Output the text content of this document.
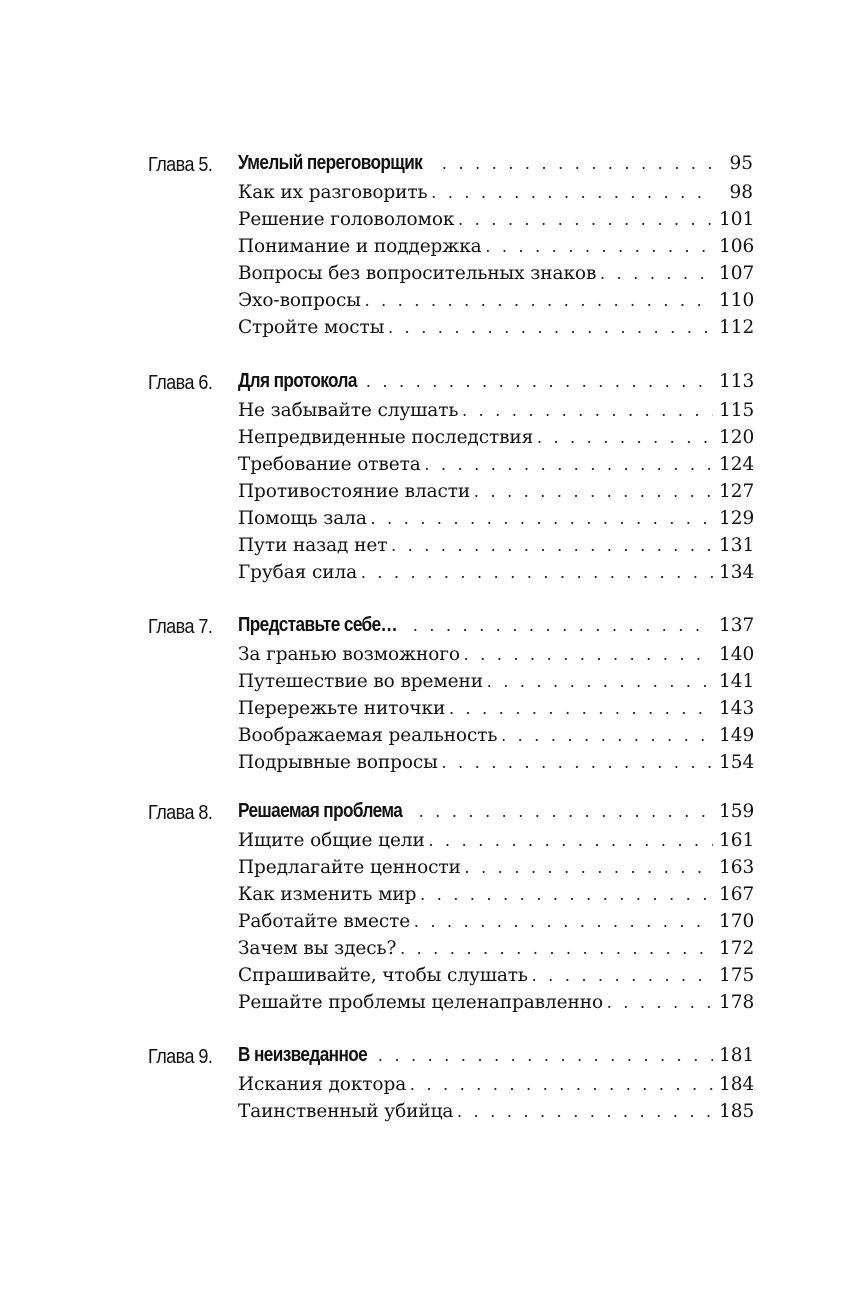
Глава 5. Умелый переговорщик . . .	95
Как их разговорить . . .	98
Решение головоломок . . .	101
Понимание и поддержка . . .	106
Вопросы без вопросительных знаков . . .	107
Эхо-вопросы . . .	110
Стройте мосты . . .	112
Глава 6. Для протокола . . .	113
Не забывайте слушать . . .	115
Непредвиденные последствия . . .	120
Требование ответа . . .	124
Противостояние власти . . .	127
Помощь зала . . .	129
Пути назад нет . . .	131
Грубая сила . . .	134
Глава 7. Представьте себе… . . .	137
За гранью возможного . . .	140
Путешествие во времени . . .	141
Перережьте ниточки . . .	143
Воображаемая реальность . . .	149
Подрывные вопросы . . .	154
Глава 8. Решаемая проблема . . .	159
Ищите общие цели . . .	161
Предлагайте ценности . . .	163
Как изменить мир . . .	167
Работайте вместе . . .	170
Зачем вы здесь? . . .	172
Спрашивайте, чтобы слушать . . .	175
Решайте проблемы целенаправленно . . .	178
Глава 9. В неизведанное . . .	181
Искания доктора . . .	184
Таинственный убийца . . .	185
